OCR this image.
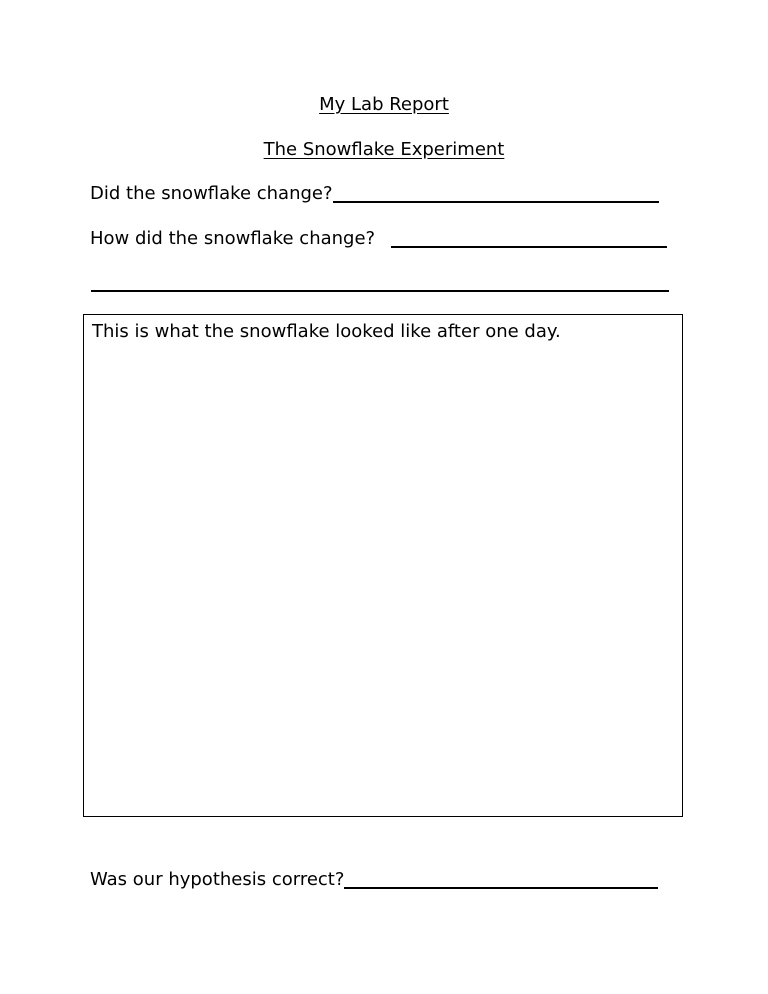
My Lab Report
The Snowflake Experiment
Did the snowflake change?
How did the snowflake change?
This is what the snowflake looked like after one day.
Was our hypothesis correct?
